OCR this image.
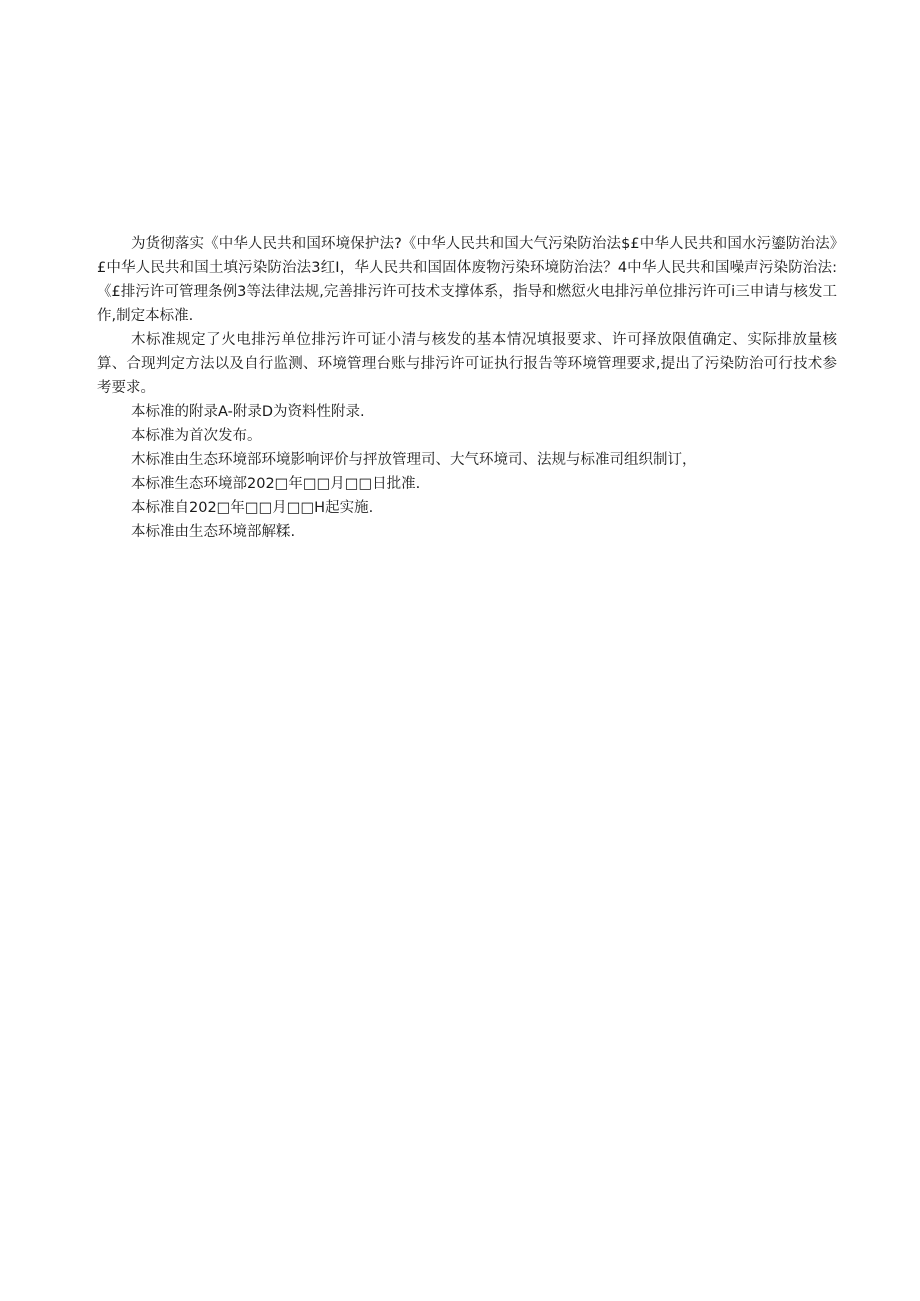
为货彻落实《中华人民共和国环境保护法?《中华人民共和国大气污染防治法$£中华人民共和国水污鎏防治法》£中华人民共和国土填污染防治法3红I，华人民共和国固体废物污染环境防治法？4中华人民共和国噪声污染防治法:《£排污许可管理条例3等法律法规,完善排污许可技术支撑体系，指导和燃愆火电排污单位排污许可i三申请与核发工作,制定本标准.

木标准规定了火电排污单位排污许可证小清与核发的基本情况填报要求、许可择放限值确定、实际排放量核算、合现判定方法以及自行监测、环境管理台账与排污许可证执行报告等环境管理要求,提出了污染防治可行技术参考要求。

本标准的附录A-附录D为资料性附录.

本标准为首次发布。

木标准由生态环境部环境影响评价与抨放管理司、大气环境司、法规与标准司组织制订，

本标准生态环境部202□年□□月□□日批准.

本标准自202□年□□月□□H起实施.

本标准由生态环境部解糅.
